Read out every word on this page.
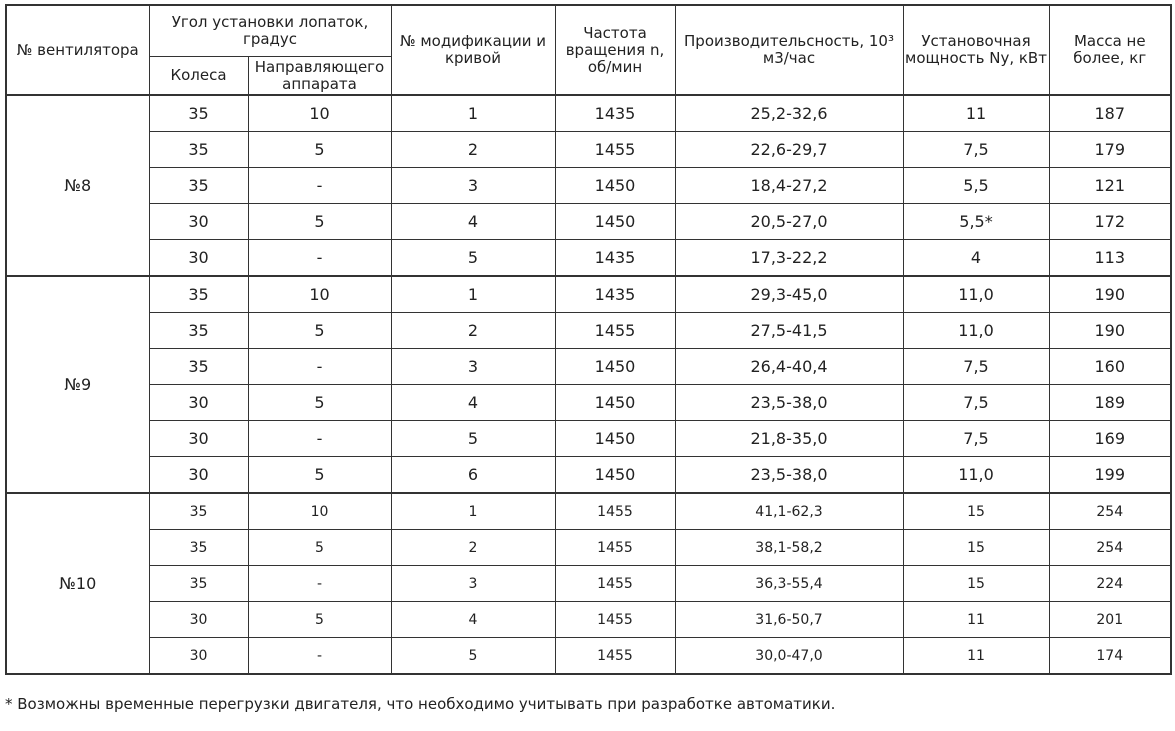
№ вентилятора	Угол установки лопаток, градус		№ модификации и кривой	Частота вращения n, об/мин	Производительсность, 10³ м3/час	Установочная мощность Ny, кВт	Масса не более, кг
	Колеса	Направляющего аппарата					
№8	35	10	1	1435	25,2-32,6	11	187
	35	5	2	1455	22,6-29,7	7,5	179
	35	-	3	1450	18,4-27,2	5,5	121
	30	5	4	1450	20,5-27,0	5,5*	172
	30	-	5	1435	17,3-22,2	4	113
№9	35	10	1	1435	29,3-45,0	11,0	190
	35	5	2	1455	27,5-41,5	11,0	190
	35	-	3	1450	26,4-40,4	7,5	160
	30	5	4	1450	23,5-38,0	7,5	189
	30	-	5	1450	21,8-35,0	7,5	169
	30	5	6	1450	23,5-38,0	11,0	199
№10	35	10	1	1455	41,1-62,3	15	254
	35	5	2	1455	38,1-58,2	15	254
	35	-	3	1455	36,3-55,4	15	224
	30	5	4	1455	31,6-50,7	11	201
	30	-	5	1455	30,0-47,0	11	174
* Возможны временные перегрузки двигателя, что необходимо учитывать при разработке автоматики.
